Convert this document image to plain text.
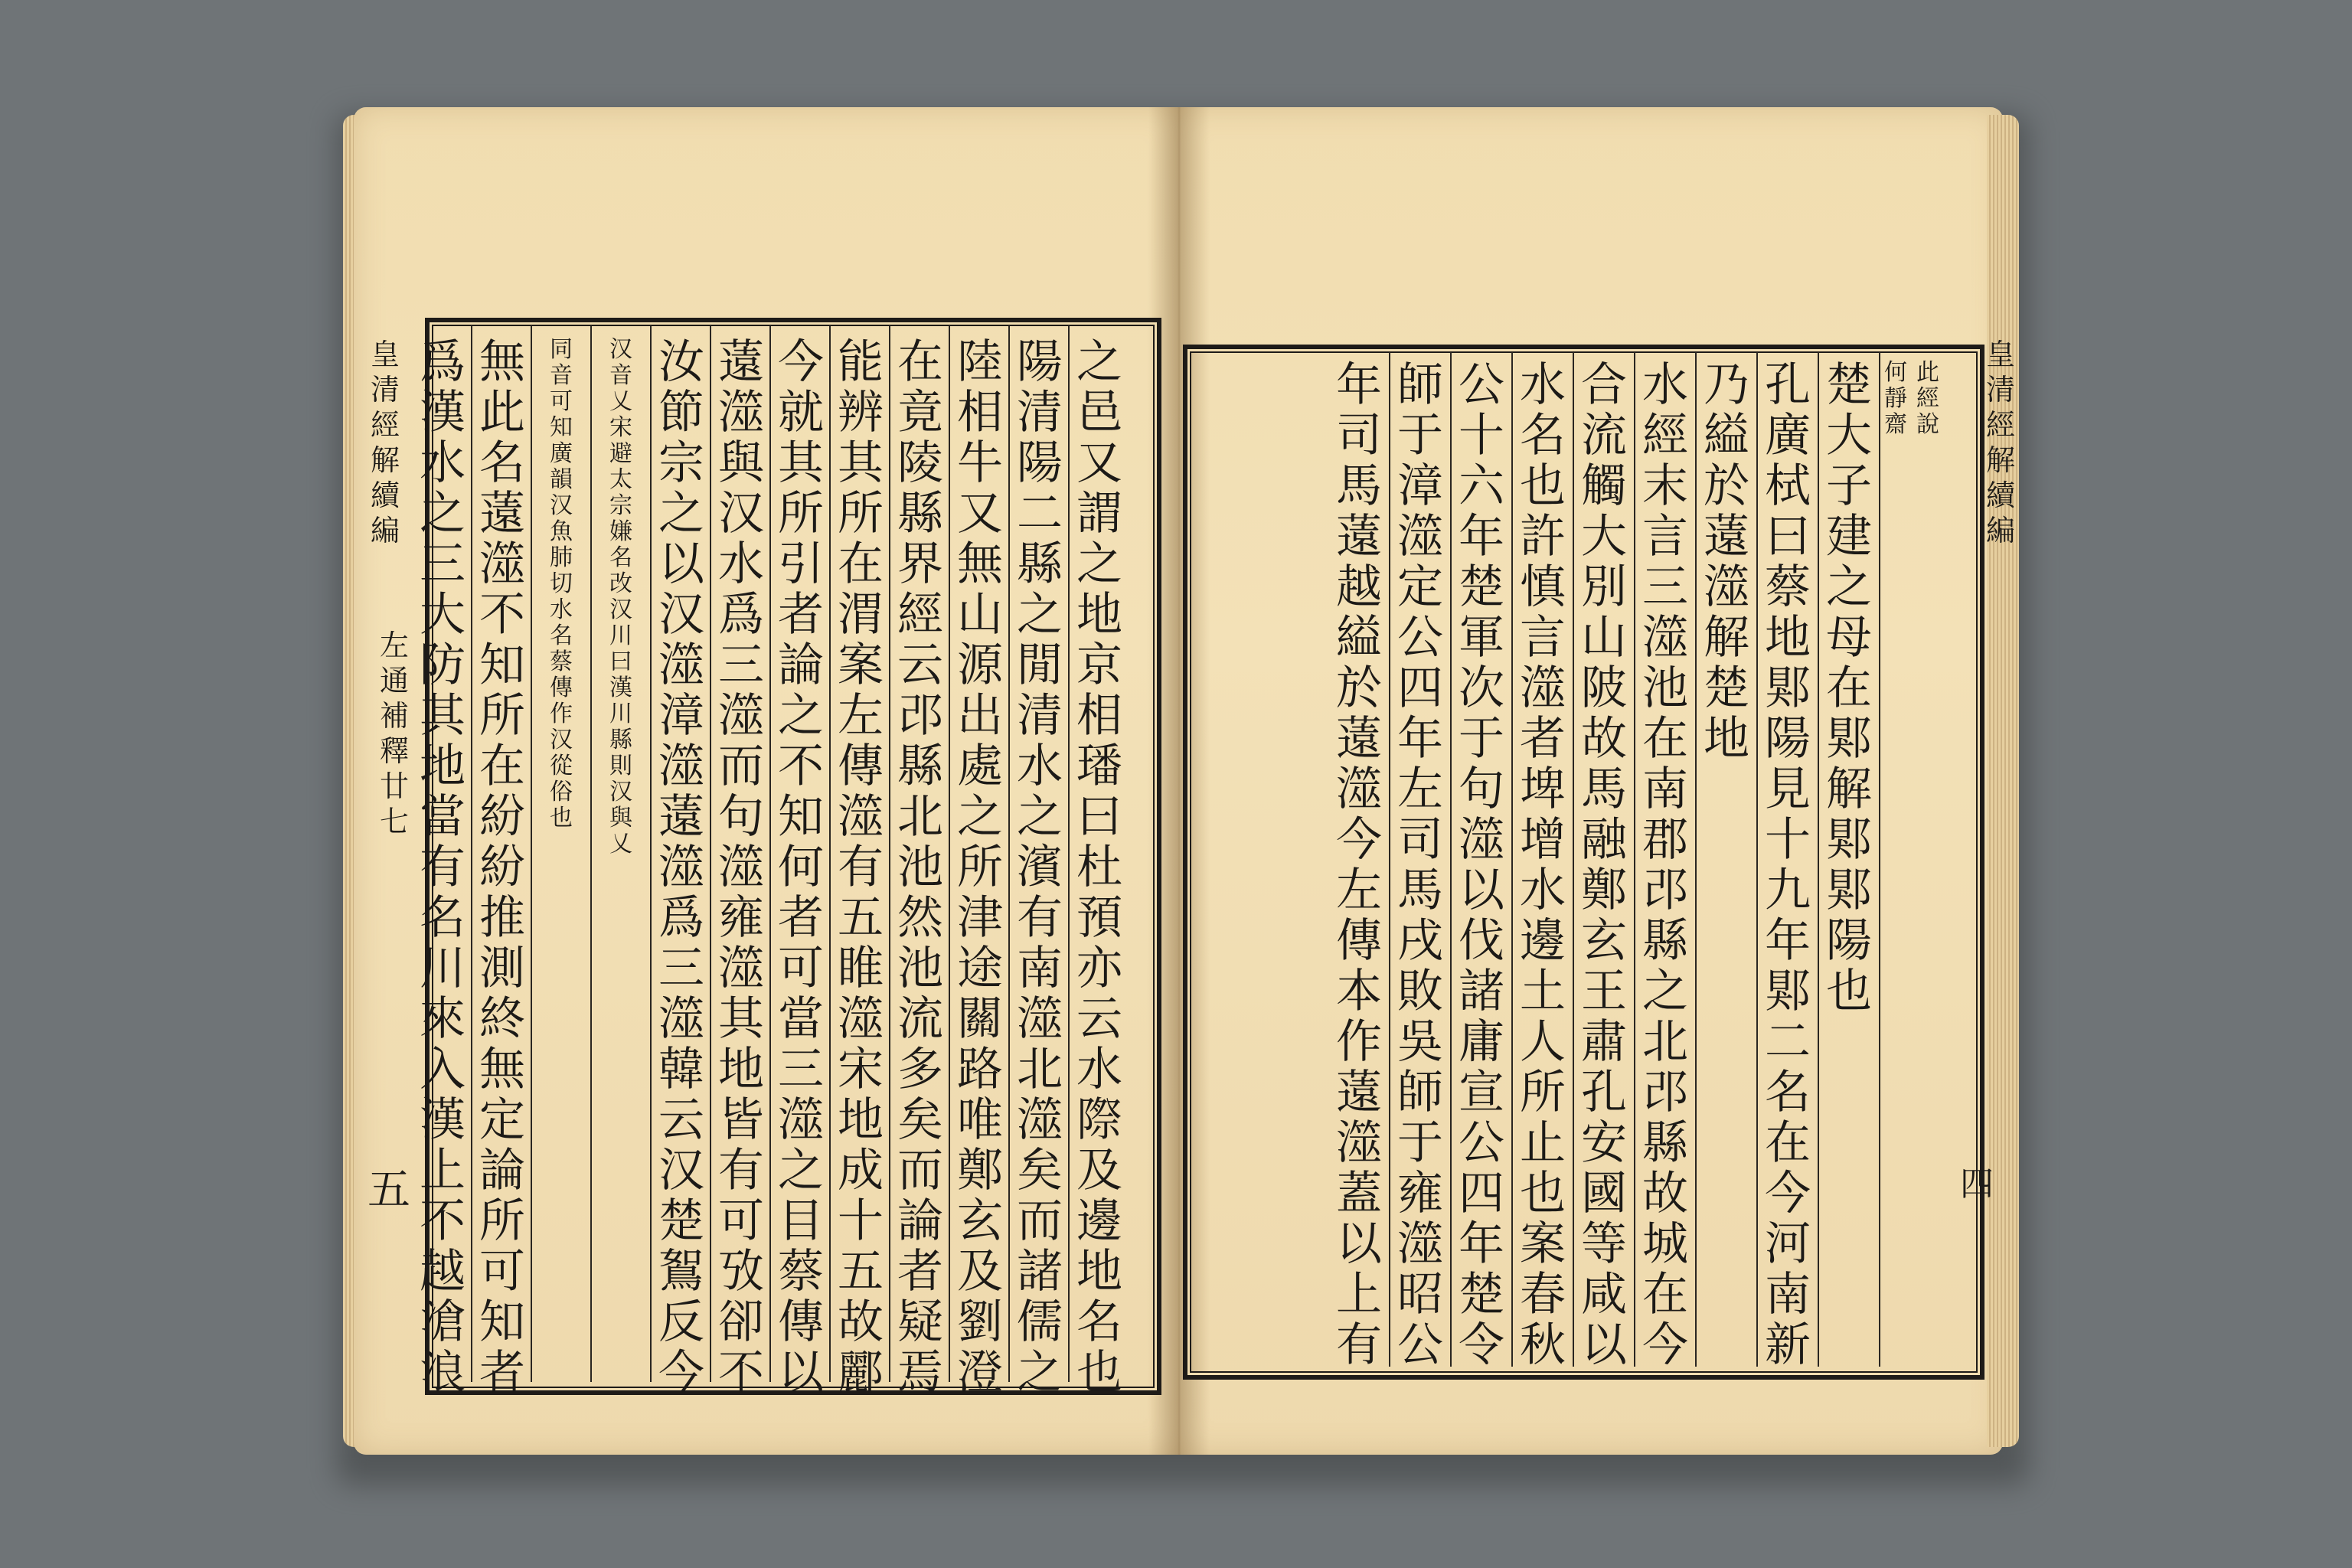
皇
清
經
解
續
編
左
通
補
釋
廿
七
五
之
邑
又
謂
之
地
京
相
璠
曰
杜
預
亦
云
水
際
及
邊
地
名
也
陽
清
陽
二
縣
之
閒
清
水
之
濱
有
南
澨
北
澨
矣
而
諸
儒
之
陸
相
牛
又
無
山
源
出
處
之
所
津
途
關
路
唯
鄭
玄
及
劉
澄
在
竟
陵
縣
界
經
云
邔
縣
北
池
然
池
流
多
矣
而
論
者
疑
焉
能
辨
其
所
在
渭
案
左
傳
澨
有
五
睢
澨
宋
地
成
十
五
故
酈
今
就
其
所
引
者
論
之
不
知
何
者
可
當
三
澨
之
目
蔡
傳
以
薳
澨
與
汉
水
爲
三
澨
而
句
澨
雍
澨
其
地
皆
有
可
攷
卻
不
汝
節
宗
之
以
汉
澨
漳
澨
薳
澨
爲
三
澨
韓
云
汉
楚
鴽
反
今
汉
音
乂
宋
避
太
宗
嫌
名
改
汉
川
曰
漢
川
縣
則
汉
與
乂
同
音
可
知
廣
韻
汉
魚
肺
切
水
名
蔡
傳
作
汉
從
俗
也
無
此
名
薳
澨
不
知
所
在
紛
紛
推
測
終
無
定
論
所
可
知
者
爲
漢
水
之
三
大
防
其
地
當
有
名
川
來
入
漢
上
不
越
滄
浪
皇
清
經
解
續
編
四
此
經
說
何
靜
齋
楚
大
子
建
之
母
在
郹
解
郹
郹
陽
也
孔
廣
栻
曰
蔡
地
郹
陽
見
十
九
年
郹
二
名
在
今
河
南
新
乃
縊
於
薳
澨
解
楚
地
水
經
末
言
三
澨
池
在
南
郡
邔
縣
之
北
邔
縣
故
城
在
今
合
流
觸
大
別
山
陂
故
馬
融
鄭
玄
王
肅
孔
安
國
等
咸
以
水
名
也
許
慎
言
澨
者
埤
增
水
邊
土
人
所
止
也
案
春
秋
公
十
六
年
楚
軍
次
于
句
澨
以
伐
諸
庸
宣
公
四
年
楚
令
師
于
漳
澨
定
公
四
年
左
司
馬
戌
敗
吳
師
于
雍
澨
昭
公
年
司
馬
薳
越
縊
於
薳
澨
今
左
傳
本
作
薳
澨
蓋
以
上
有
